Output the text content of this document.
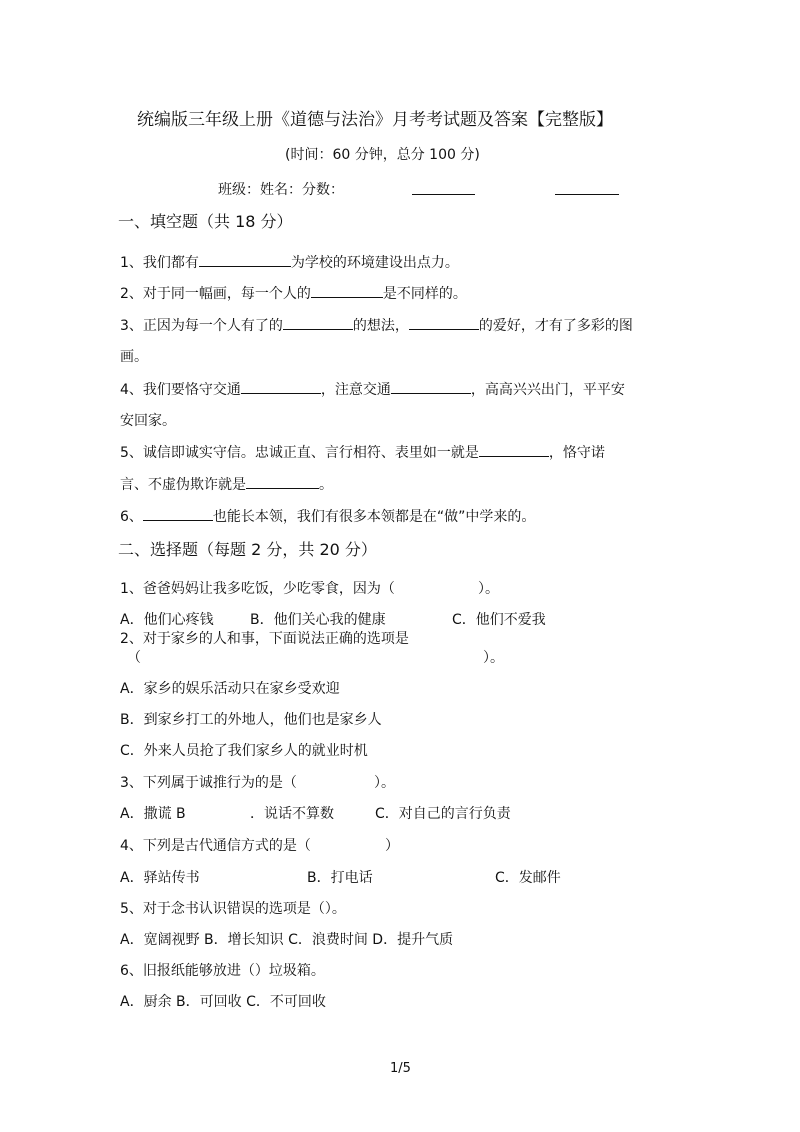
统编版三年级上册《道德与法治》月考考试题及答案【完整版】
(时间：60 分钟，总分 100 分)
班级：姓名：分数：
一、填空题（共 18 分）
1、我们都有	为学校的环境建设出点力。
2、对于同一幅画，每一个人的	是不同样的。
3、正因为每一个人有了的	的想法，	的爱好，才有了多彩的图
画。
4、我们要恪守交通	，注意交通	，高高兴兴出门，平平安
安回家。
5、诚信即诚实守信。忠诚正直、言行相符、表里如一就是	，恪守诺
言、不虚伪欺诈就是	。
6、	也能长本领，我们有很多本领都是在“做”中学来的。
二、选择题（每题 2 分，共 20 分）
1、爸爸妈妈让我多吃饭，少吃零食，因为（	）。
A．他们心疼钱	B．他们关心我的健康	C．他们不爱我
2、对于家乡的人和事，下面说法正确的选项是
（	）。
A．家乡的娱乐活动只在家乡受欢迎
B．到家乡打工的外地人，他们也是家乡人
C．外来人员抢了我们家乡人的就业时机
3、下列属于诚推行为的是（	）。
A．撒谎 B	．说话不算数	C．对自己的言行负责
4、下列是古代通信方式的是（	）
A．驿站传书	B．打电话	C．发邮件
5、对于念书认识错误的选项是（）。
A．宽阔视野 B．增长知识 C．浪费时间 D．提升气质
6、旧报纸能够放进（）垃圾箱。
A．厨余 B．可回收 C．不可回收
1/5
